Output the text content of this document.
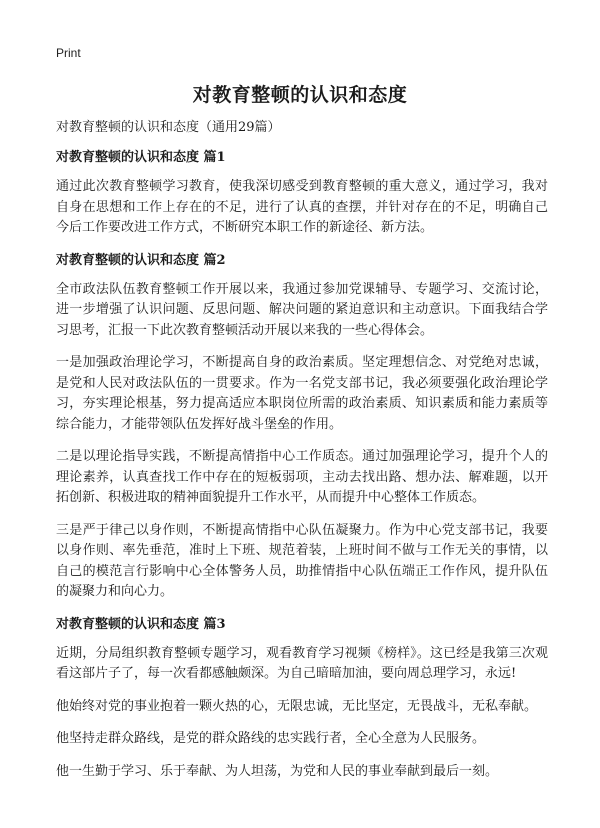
Print
对教育整顿的认识和态度

对教育整顿的认识和态度（通用29篇）

对教育整顿的认识和态度 篇1

通过此次教育整顿学习教育，使我深切感受到教育整顿的重大意义，通过学习，我对自身在思想和工作上存在的不足，进行了认真的查摆，并针对存在的不足，明确自己今后工作要改进工作方式，不断研究本职工作的新途径、新方法。

对教育整顿的认识和态度 篇2

全市政法队伍教育整顿工作开展以来，我通过参加党课辅导、专题学习、交流讨论，进一步增强了认识问题、反思问题、解决问题的紧迫意识和主动意识。下面我结合学习思考，汇报一下此次教育整顿活动开展以来我的一些心得体会。

一是加强政治理论学习，不断提高自身的政治素质。坚定理想信念、对党绝对忠诚，是党和人民对政法队伍的一贯要求。作为一名党支部书记，我必须要强化政治理论学习，夯实理论根基，努力提高适应本职岗位所需的政治素质、知识素质和能力素质等综合能力，才能带领队伍发挥好战斗堡垒的作用。

二是以理论指导实践，不断提高情指中心工作质态。通过加强理论学习，提升个人的理论素养，认真查找工作中存在的短板弱项，主动去找出路、想办法、解难题，以开拓创新、积极进取的精神面貌提升工作水平，从而提升中心整体工作质态。

三是严于律己以身作则，不断提高情指中心队伍凝聚力。作为中心党支部书记，我要以身作则、率先垂范，准时上下班、规范着装，上班时间不做与工作无关的事情，以自己的模范言行影响中心全体警务人员，助推情指中心队伍端正工作作风，提升队伍的凝聚力和向心力。

对教育整顿的认识和态度 篇3

近期，分局组织教育整顿专题学习，观看教育学习视频《榜样》。这已经是我第三次观看这部片子了，每一次看都感触颇深。为自己暗暗加油，要向周总理学习，永远!

他始终对党的事业抱着一颗火热的心，无限忠诚，无比坚定，无畏战斗，无私奉献。

他坚持走群众路线，是党的群众路线的忠实践行者，全心全意为人民服务。

他一生勤于学习、乐于奉献、为人坦荡，为党和人民的事业奉献到最后一刻。
